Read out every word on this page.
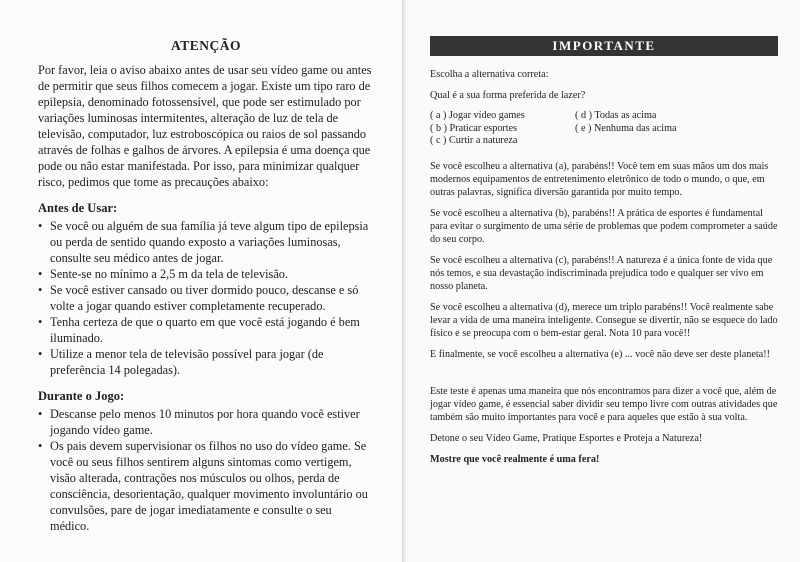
ATENÇÃO

Por favor, leia o aviso abaixo antes de usar seu vídeo game ou antes de permitir que seus filhos comecem a jogar. Existe um tipo raro de epilepsia, denominado fotossensível, que pode ser estimulado por variações luminosas intermitentes, alteração de luz de tela de televisão, computador, luz estroboscópica ou raios de sol passando através de folhas e galhos de árvores. A epilepsia é uma doença que pode ou não estar manifestada. Por isso, para minimizar qualquer risco, pedimos que tome as precauções abaixo:

Antes de Usar:
• Se você ou alguém de sua família já teve algum tipo de epilepsia ou perda de sentido quando exposto a variações luminosas, consulte seu médico antes de jogar.
• Sente-se no mínimo a 2,5 m da tela de televisão.
• Se você estiver cansado ou tiver dormido pouco, descanse e só volte a jogar quando estiver completamente recuperado.
• Tenha certeza de que o quarto em que você está jogando é bem iluminado.
• Utilize a menor tela de televisão possível para jogar (de preferência 14 polegadas).
Durante o Jogo:
• Descanse pelo menos 10 minutos por hora quando você estiver jogando vídeo game.
• Os pais devem supervisionar os filhos no uso do vídeo game. Se você ou seus filhos sentirem alguns sintomas como vertigem, visão alterada, contrações nos músculos ou olhos, perda de consciência, desorientação, qualquer movimento involuntário ou convulsões, pare de jogar imediatamente e consulte o seu médico.
IMPORTANTE

Escolha a alternativa correta:

Qual é a sua forma preferida de lazer?

( a ) Jogar vídeo games
( b ) Praticar esportes
( c ) Curtir a natureza
( d ) Todas as acima
( e ) Nenhuma das acima

Se você escolheu a alternativa (a), parabéns!! Você tem em suas mãos um dos mais modernos equipamentos de entretenimento eletrônico de todo o mundo, o que, em outras palavras, significa diversão garantida por muito tempo.

Se você escolheu a alternativa (b), parabéns!! A prática de esportes é fundamental para evitar o surgimento de uma série de problemas que podem comprometer a saúde do seu corpo.

Se você escolheu a alternativa (c), parabéns!! A natureza é a única fonte de vida que nós temos, e sua devastação indiscriminada prejudica todo e qualquer ser vivo em nosso planeta.

Se você escolheu a alternativa (d), merece um triplo parabéns!! Você realmente sabe levar a vida de uma maneira inteligente. Consegue se divertir, não se esquece do lado físico e se preocupa com o bem-estar geral. Nota 10 para você!!

E finalmente, se você escolheu a alternativa (e) ... você não deve ser deste planeta!!

Este teste é apenas uma maneira que nós encontramos para dizer a você que, além de jogar vídeo game, é essencial saber dividir seu tempo livre com outras atividades que também são muito importantes para você e para aqueles que estão à sua volta.

Detone o seu Vídeo Game, Pratique Esportes e Proteja a Natureza!

Mostre que você realmente é uma fera!
